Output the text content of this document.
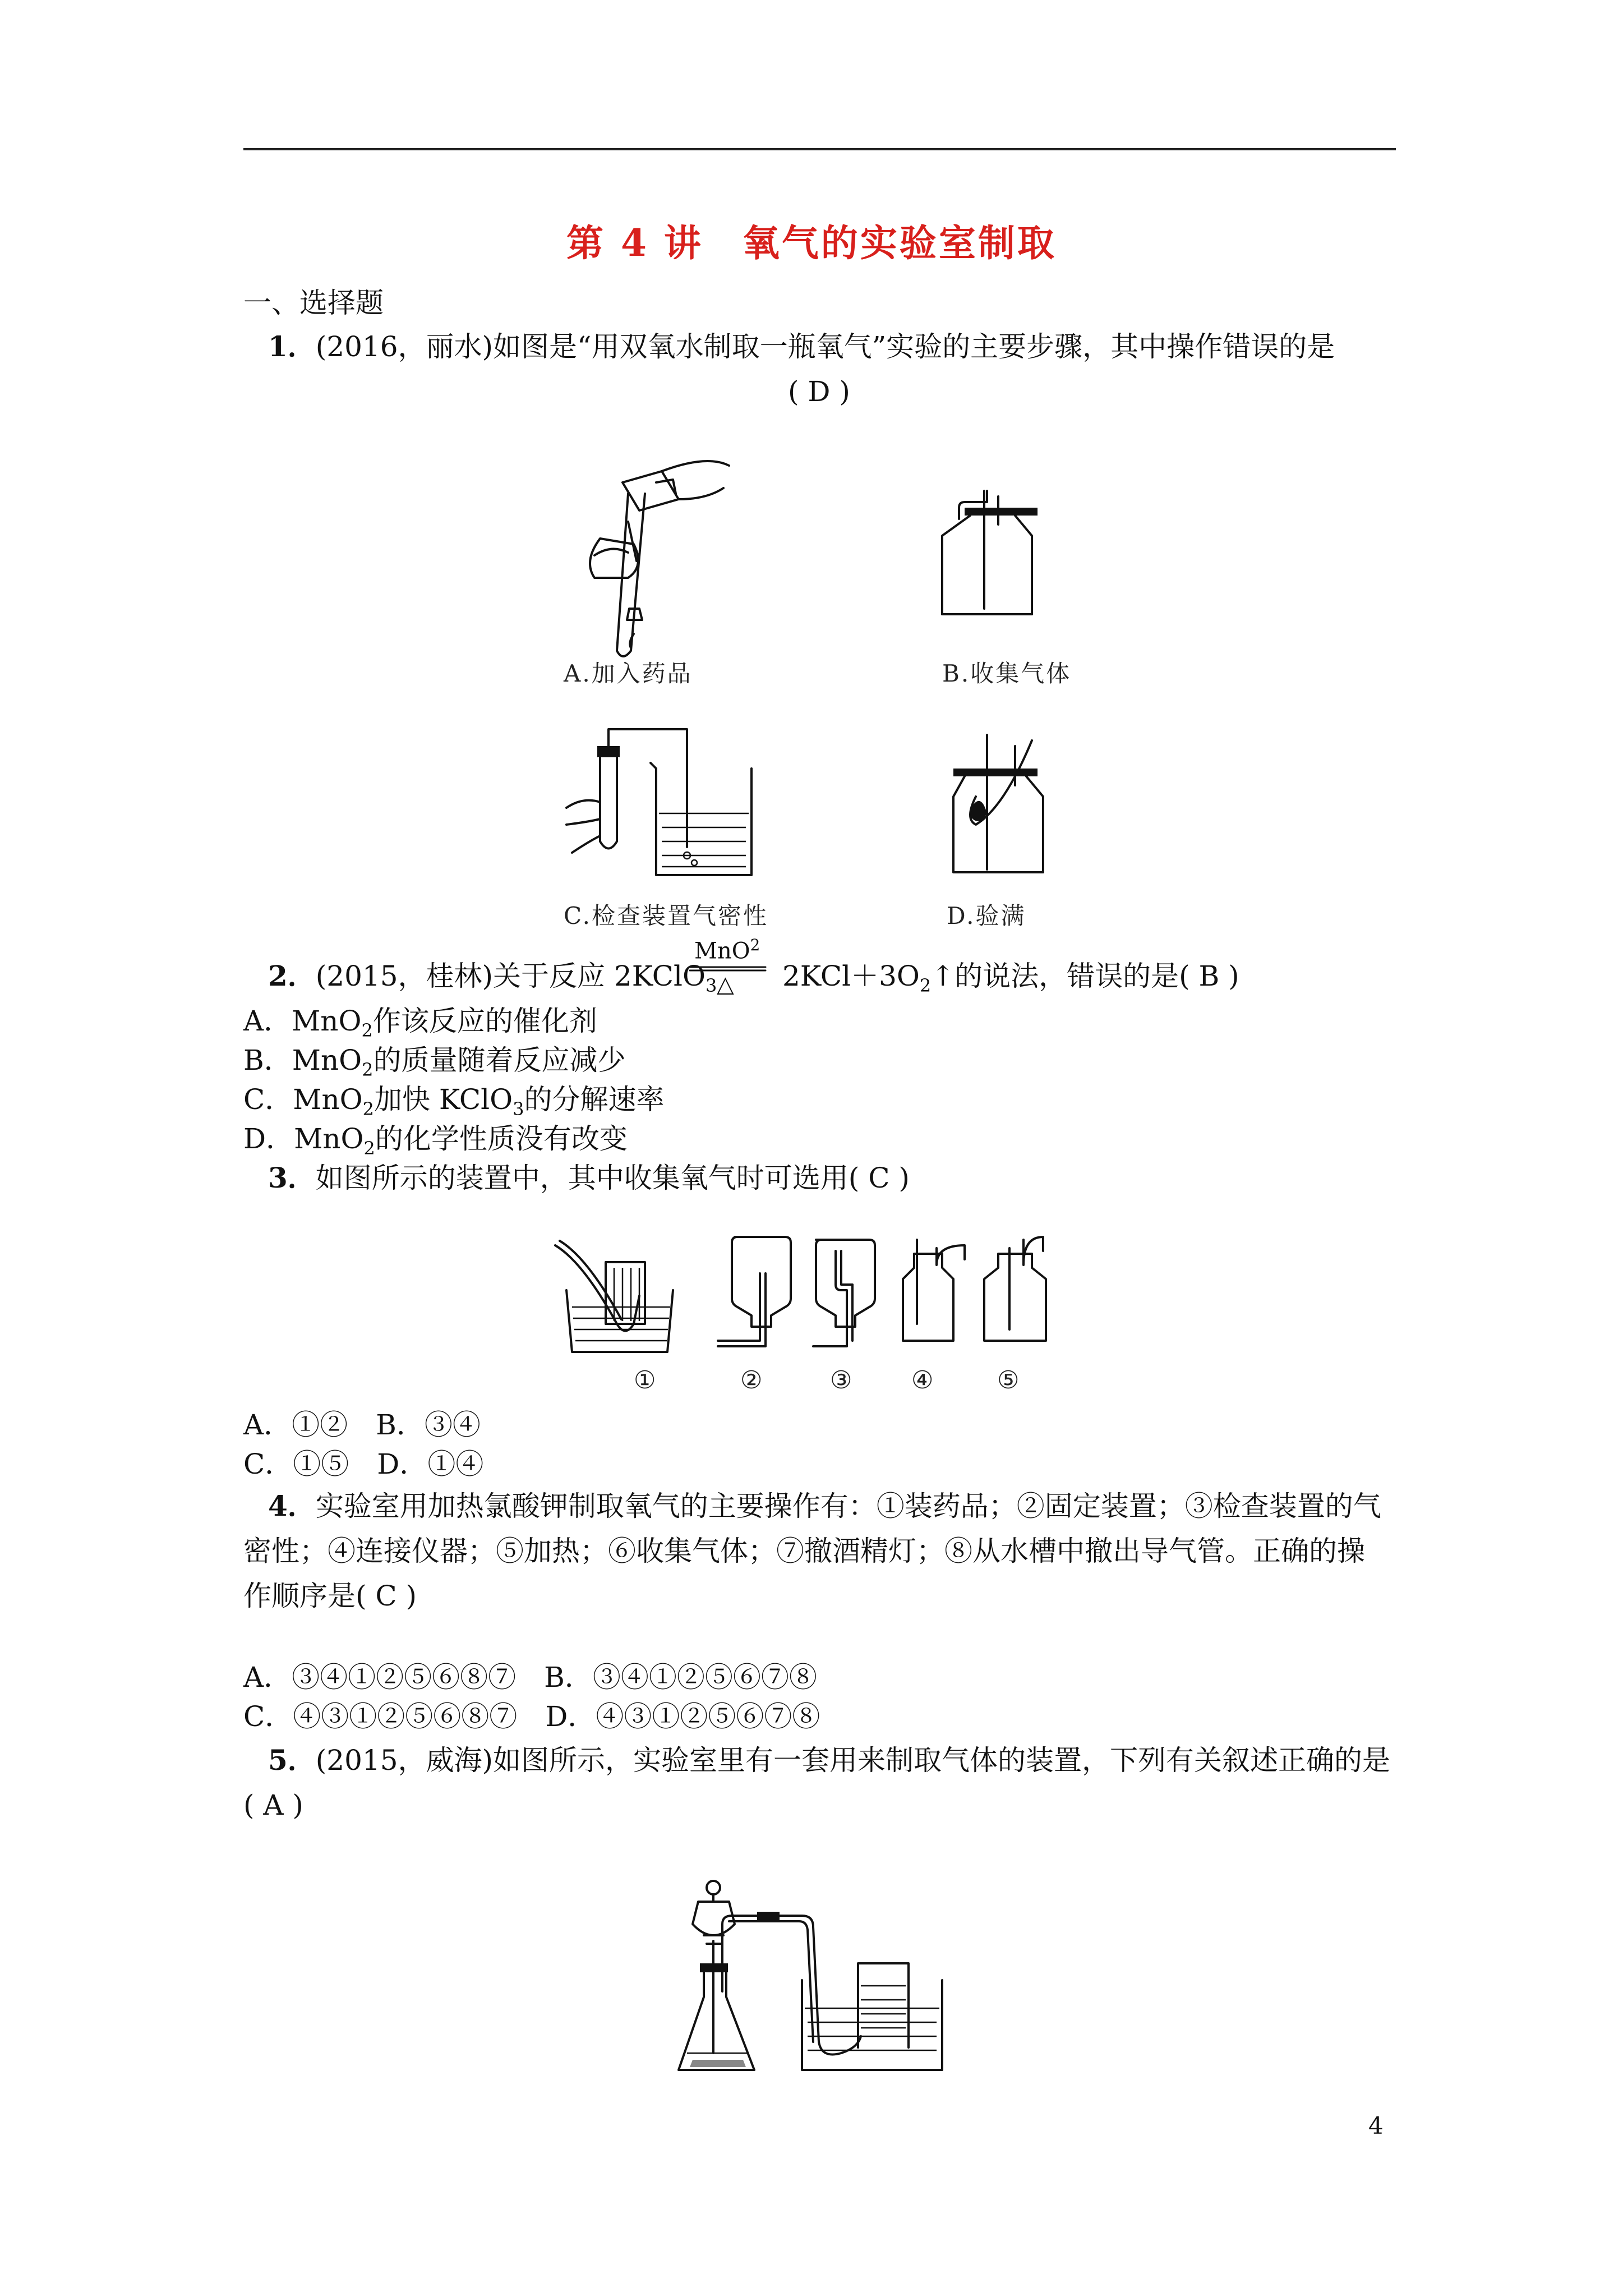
第 4 讲　氧气的实验室制取
一、选择题
1．(2016，丽水)如图是“用双氧水制取一瓶氧气”实验的主要步骤，其中操作错误的是
( D )
A.加入药品	B.收集气体
C.检查装置气密性	D.验满
2．(2015，桂林)关于反应 2KClO$_3$
MnO$^2$
△ $2KCl+3O_2↑$的说法，错误的是( B )
A．MnO$_2$作该反应的催化剂
B．MnO$_2$的质量随着反应减少
C．MnO$_2$加快 KClO$_3$的分解速率
D．MnO$_2$的化学性质没有改变
3．如图所示的装置中，其中收集氧气时可选用( C )
①	②	③ ④	⑤
A．①②　B．③④
C．①⑤　D．①④
4．实验室用加热氯酸钾制取氧气的主要操作有：①装药品；②固定装置；③检查装置的气
密性；④连接仪器；⑤加热；⑥收集气体；⑦撤酒精灯；⑧从水槽中撤出导气管。正确的操
作顺序是( C )
A．③④①②⑤⑥⑧⑦　B．③④①②⑤⑥⑦⑧
C．④③①②⑤⑥⑧⑦　D．④③①②⑤⑥⑦⑧
5．(2015，威海)如图所示，实验室里有一套用来制取气体的装置，下列有关叙述正确的是
( A )
4
